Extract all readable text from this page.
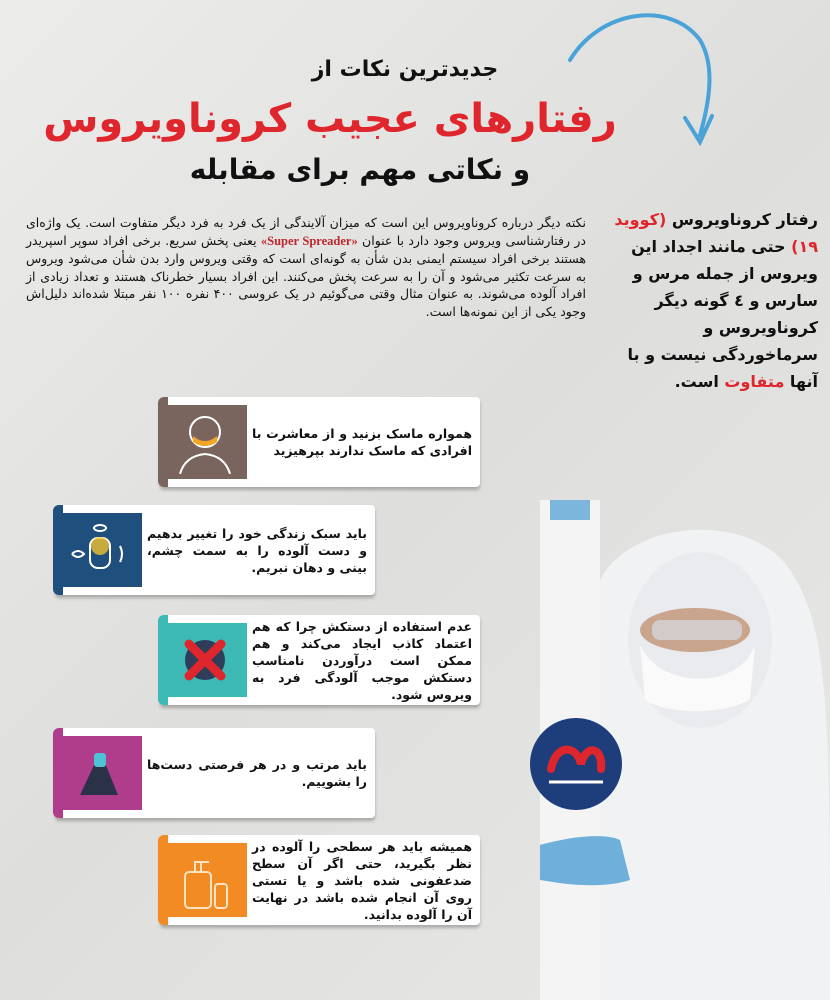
جدیدترین نکات از
رفتارهای عجیب کروناویروس
و نکاتی مهم برای مقابله
رفتار کروناویروس (کووید ۱۹) حتی مانند اجداد این ویروس از جمله مرس و سارس و ٤ گونه دیگر کروناویروس و سرماخوردگی نیست و با آنها متفاوت است.
نکته دیگر درباره کروناویروس این است که میزان آلایندگی از یک فرد به فرد دیگر متفاوت است. یک واژه‌ای در رفتارشناسی ویروس وجود دارد با عنوان «Super Spreader» یعنی پخش سریع. برخی افراد سوپر اسپریدر هستند برخی افراد سیستم ایمنی بدن شأن به گونه‌ای است که وقتی ویروس وارد بدن شأن می‌شود ویروس به سرعت تکثیر می‌شود و آن را به سرعت پخش می‌کنند. این افراد بسیار خطرناک هستند و تعداد زیادی از افراد آلوده می‌شوند. به عنوان مثال وقتی می‌گوئیم در یک عروسی ۴۰۰ نفره ۱۰۰ نفر مبتلا شده‌اند دلیل‌اش وجود یکی از این نمونه‌ها است.
همواره ماسک بزنید و از معاشرت با افرادی که ماسک ندارند بپرهیزید
باید سبک زندگی خود را تغییر بدهیم و دست آلوده را به سمت چشم، بینی و دهان نبریم.
عدم استفاده از دستکش چرا که هم اعتماد کاذب ایجاد می‌کند و هم ممکن است درآوردن نامناسب دستکش موجب آلودگی فرد به ویروس شود.
باید مرتب و در هر فرصتی دست‌ها را بشوییم.
همیشه باید هر سطحی را آلوده در نظر بگیرید، حتی اگر آن سطح ضدعفونی شده باشد و یا تستی روی آن انجام شده باشد در نهایت آن را آلوده بدانید.
